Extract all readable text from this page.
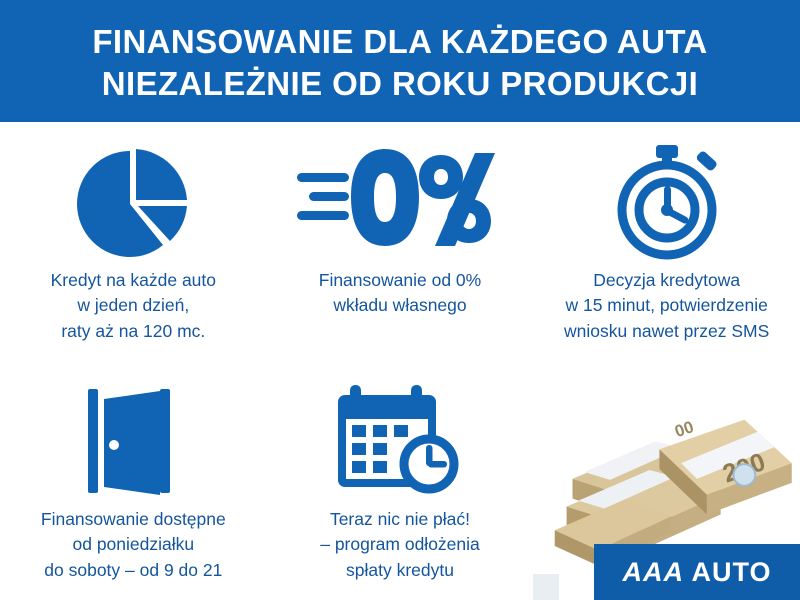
FINANSOWANIE DLA KAŻDEGO AUTA
NIEZALEŻNIE OD ROKU PRODUKCJI
Kredyt na każde auto
w jeden dzień,
raty aż na 120 mc.
Finansowanie od 0%
wkładu własnego
Decyzja kredytowa
w 15 minut, potwierdzenie
wniosku nawet przez SMS
Finansowanie dostępne
od poniedziałku
do soboty – od 9 do 21
Teraz nic nie płać!
– program odłożenia
spłaty kredytu
00
AAA AUTO
